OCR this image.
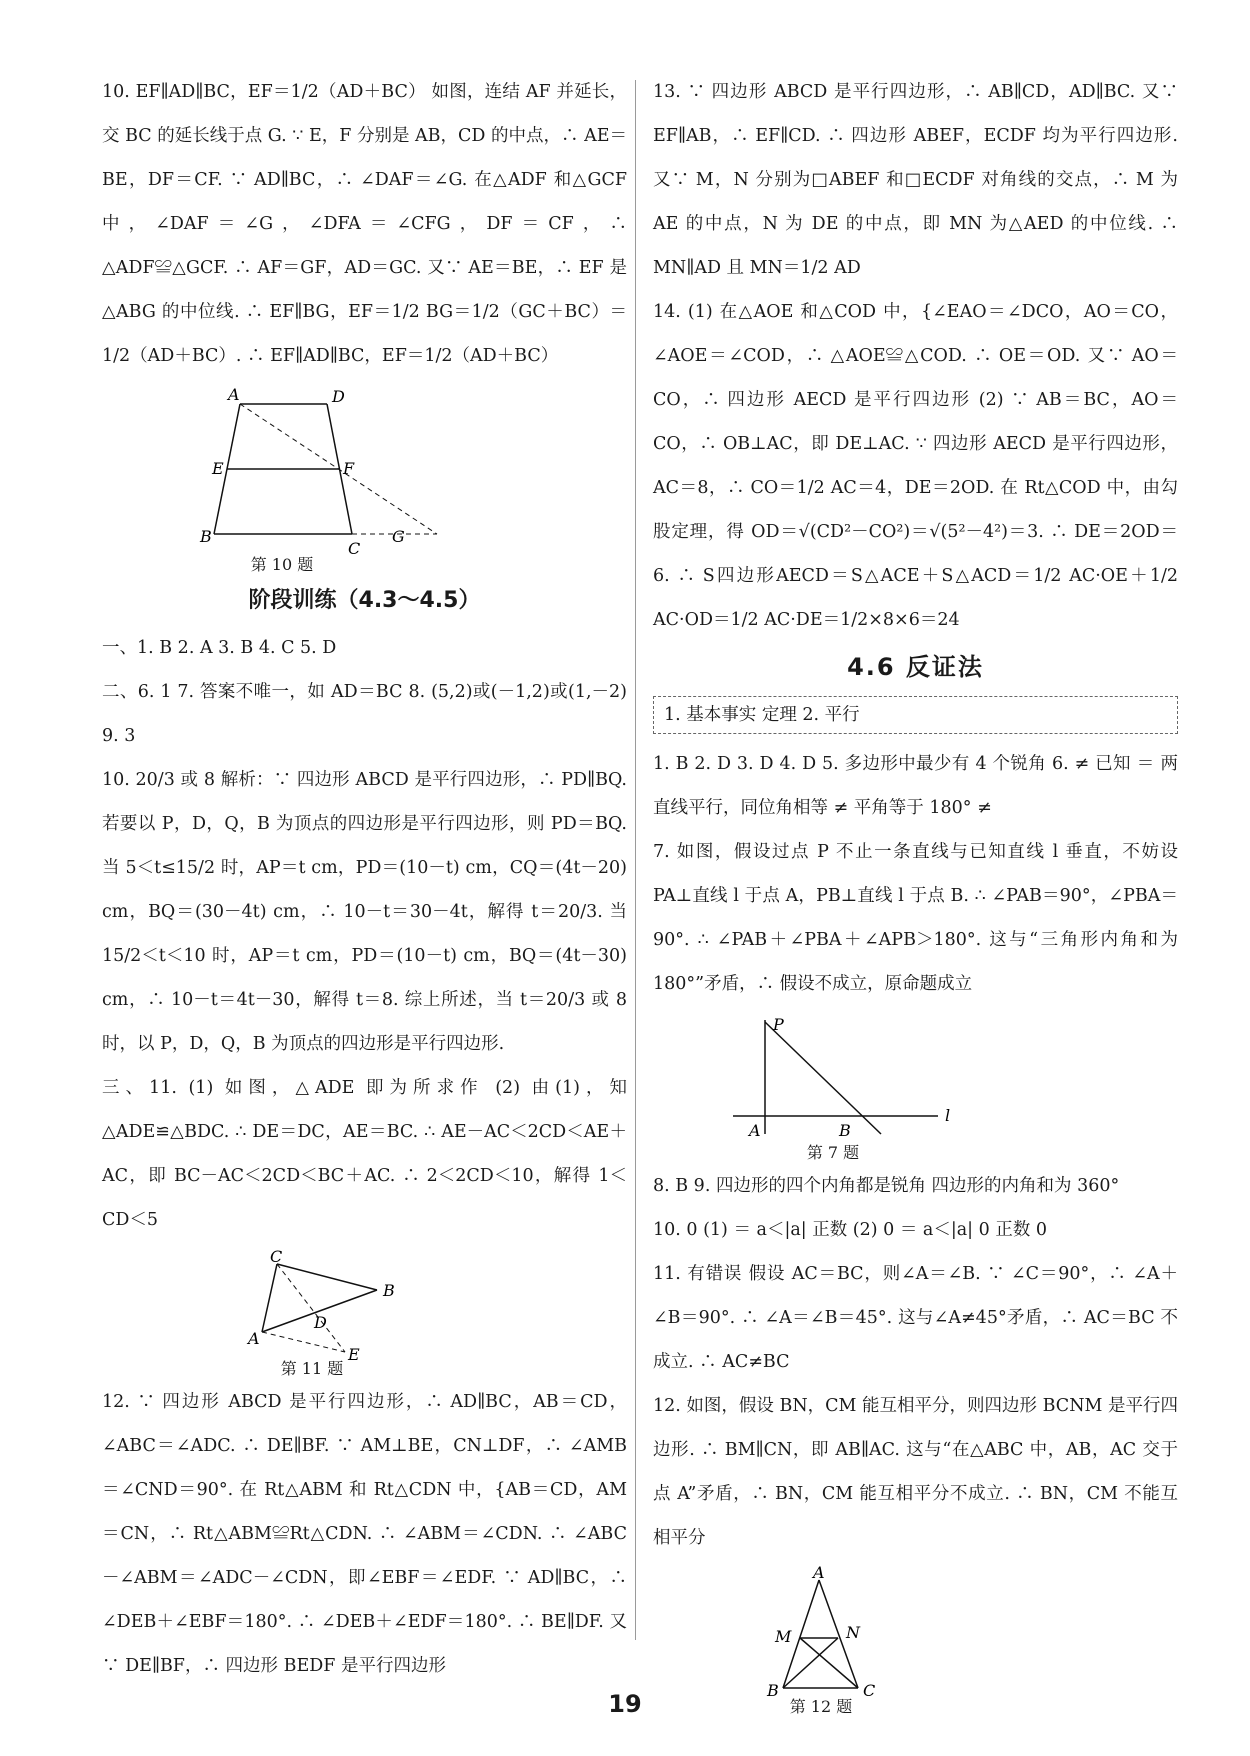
10. EF∥AD∥BC，EF＝1/2（AD＋BC） 如图，连结 AF 并延长，交 BC 的延长线于点 G. ∵ E，F 分别是 AB，CD 的中点，∴ AE＝BE，DF＝CF. ∵ AD∥BC，∴ ∠DAF＝∠G. 在△ADF 和△GCF 中，∠DAF＝∠G，∠DFA＝∠CFG，DF＝CF，∴ △ADF≌△GCF. ∴ AF＝GF，AD＝GC. 又∵ AE＝BE，∴ EF 是△ABG 的中位线. ∴ EF∥BG，EF＝1/2 BG＝1/2（GC＋BC）＝1/2（AD＋BC）. ∴ EF∥AD∥BC，EF＝1/2（AD＋BC）

A	D
E	F
B
C
G
第 10 题
阶段训练（4.3～4.5）

一、1. B 2. A 3. B 4. C 5. D

二、6. 1 7. 答案不唯一，如 AD＝BC 8. (5,2)或(－1,2)或(1,－2) 9. 3

10. 20/3 或 8 解析：∵ 四边形 ABCD 是平行四边形，∴ PD∥BQ. 若要以 P，D，Q，B 为顶点的四边形是平行四边形，则 PD＝BQ. 当 5＜t≤15/2 时，AP＝t cm，PD＝(10－t) cm，CQ＝(4t－20) cm，BQ＝(30－4t) cm，∴ 10－t＝30－4t，解得 t＝20/3. 当 15/2＜t＜10 时，AP＝t cm，PD＝(10－t) cm，BQ＝(4t－30) cm，∴ 10－t＝4t－30，解得 t＝8. 综上所述，当 t＝20/3 或 8 时，以 P，D，Q，B 为顶点的四边形是平行四边形.

三、11. (1) 如图，△ADE 即为所求作 (2) 由(1)，知△ADE≌△BDC. ∴ DE＝DC，AE＝BC. ∴ AE－AC＜2CD＜AE＋AC，即 BC－AC＜2CD＜BC＋AC. ∴ 2＜2CD＜10，解得 1＜CD＜5

C
B
D
A
E
第 11 题

12. ∵ 四边形 ABCD 是平行四边形，∴ AD∥BC，AB＝CD，∠ABC＝∠ADC. ∴ DE∥BF. ∵ AM⊥BE，CN⊥DF，∴ ∠AMB＝∠CND＝90°. 在 Rt△ABM 和 Rt△CDN 中，{AB＝CD，AM＝CN，∴ Rt△ABM≌Rt△CDN. ∴ ∠ABM＝∠CDN. ∴ ∠ABC－∠ABM＝∠ADC－∠CDN，即∠EBF＝∠EDF. ∵ AD∥BC，∴ ∠DEB＋∠EBF＝180°. ∴ ∠DEB＋∠EDF＝180°. ∴ BE∥DF. 又∵ DE∥BF，∴ 四边形 BEDF 是平行四边形

13. ∵ 四边形 ABCD 是平行四边形，∴ AB∥CD，AD∥BC. 又∵ EF∥AB，∴ EF∥CD. ∴ 四边形 ABEF，ECDF 均为平行四边形. 又∵ M，N 分别为□ABEF 和□ECDF 对角线的交点，∴ M 为 AE 的中点，N 为 DE 的中点，即 MN 为△AED 的中位线. ∴ MN∥AD 且 MN＝1/2 AD

14. (1) 在△AOE 和△COD 中，{∠EAO＝∠DCO，AO＝CO，∠AOE＝∠COD，∴ △AOE≌△COD. ∴ OE＝OD. 又∵ AO＝CO，∴ 四边形 AECD 是平行四边形 (2) ∵ AB＝BC，AO＝CO，∴ OB⊥AC，即 DE⊥AC. ∵ 四边形 AECD 是平行四边形，AC＝8，∴ CO＝1/2 AC＝4，DE＝2OD. 在 Rt△COD 中，由勾股定理，得 OD＝√(CD²－CO²)＝√(5²－4²)＝3. ∴ DE＝2OD＝6. ∴ S四边形AECD＝S△ACE＋S△ACD＝1/2 AC·OE＋1/2 AC·OD＝1/2 AC·DE＝1/2×8×6＝24

4.6 反证法
1. 基本事实 定理 2. 平行

1. B 2. D 3. D 4. D 5. 多边形中最少有 4 个锐角 6. ≠ 已知 ＝ 两直线平行，同位角相等 ≠ 平角等于 180° ≠

7. 如图，假设过点 P 不止一条直线与已知直线 l 垂直，不妨设 PA⊥直线 l 于点 A，PB⊥直线 l 于点 B. ∴ ∠PAB＝90°，∠PBA＝90°. ∴ ∠PAB＋∠PBA＋∠APB＞180°. 这与“三角形内角和为 180°”矛盾，∴ 假设不成立，原命题成立

P
A	B
l
第 7 题

8. B 9. 四边形的四个内角都是锐角 四边形的内角和为 360°

10. 0 (1) ＝ a＜|a| 正数 (2) 0 ＝ a＜|a| 0 正数 0

11. 有错误 假设 AC＝BC，则∠A＝∠B. ∵ ∠C＝90°，∴ ∠A＋∠B＝90°. ∴ ∠A＝∠B＝45°. 这与∠A≠45°矛盾，∴ AC＝BC 不成立. ∴ AC≠BC

12. 如图，假设 BN，CM 能互相平分，则四边形 BCNM 是平行四边形. ∴ BM∥CN，即 AB∥AC. 这与“在△ABC 中，AB，AC 交于点 A”矛盾，∴ BN，CM 能互相平分不成立. ∴ BN，CM 不能互相平分

A
M	N
B	C
第 12 题
19
